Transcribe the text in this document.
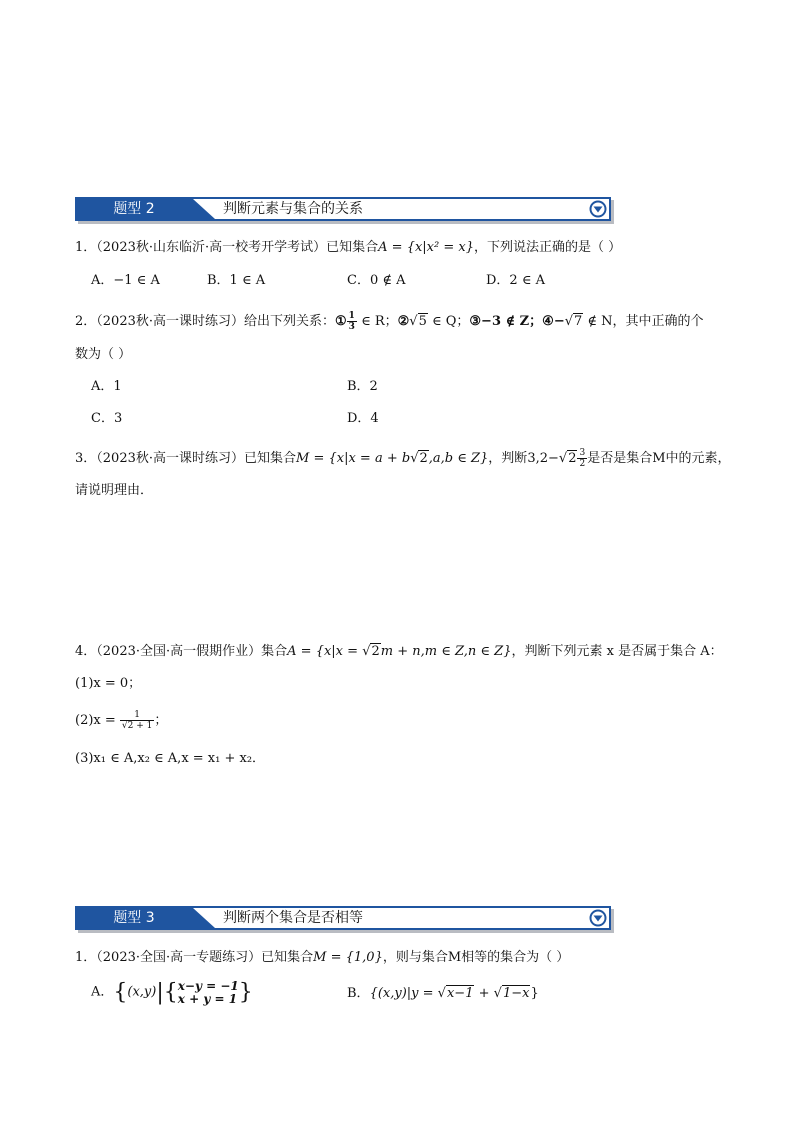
题型 2	判断元素与集合的关系
1．（2023秋·山东临沂·高一校考开学考试）已知集合A = {x|x² = x}，下列说法正确的是（ ）
A．−1 ∈ A	B．1 ∈ A	C．0 ∉ A	D．2 ∈ A
2．（2023秋·高一课时练习）给出下列关系：① $\frac{1}{3}$ ∈ R；②√5 ∈ Q；③−3 ∉ Z；④−√7 ∉ N，其中正确的个
数为（ ）
A．1	B．2
C．3	D．4
3．（2023秋·高一课时练习）已知集合M = {x|x = a + b√2,a,b ∈ Z}，判断$3,2-√2 \frac{3}{2}$ 是否是集合M中的元素，
请说明理由．
4．（2023·全国·高一假期作业）集合A = {x|x = √2m + n,m ∈ Z,n ∈ Z}，判断下列元素 x 是否属于集合 A：
(1)x = 0；
$(2)x = \frac{1}{√2 + 1}$ ；
(3)x₁ ∈ A,x₂ ∈ A,x = x₁ + x₂．
题型 3	判断两个集合是否相等
1．（2023·全国·高一专题练习）已知集合M = {1,0}，则与集合M相等的集合为（ ）
A．{(x,y)|{ x−y = −1
x + y = 1 }	B．{(x,y)|y = √x−1 + √1−x}
